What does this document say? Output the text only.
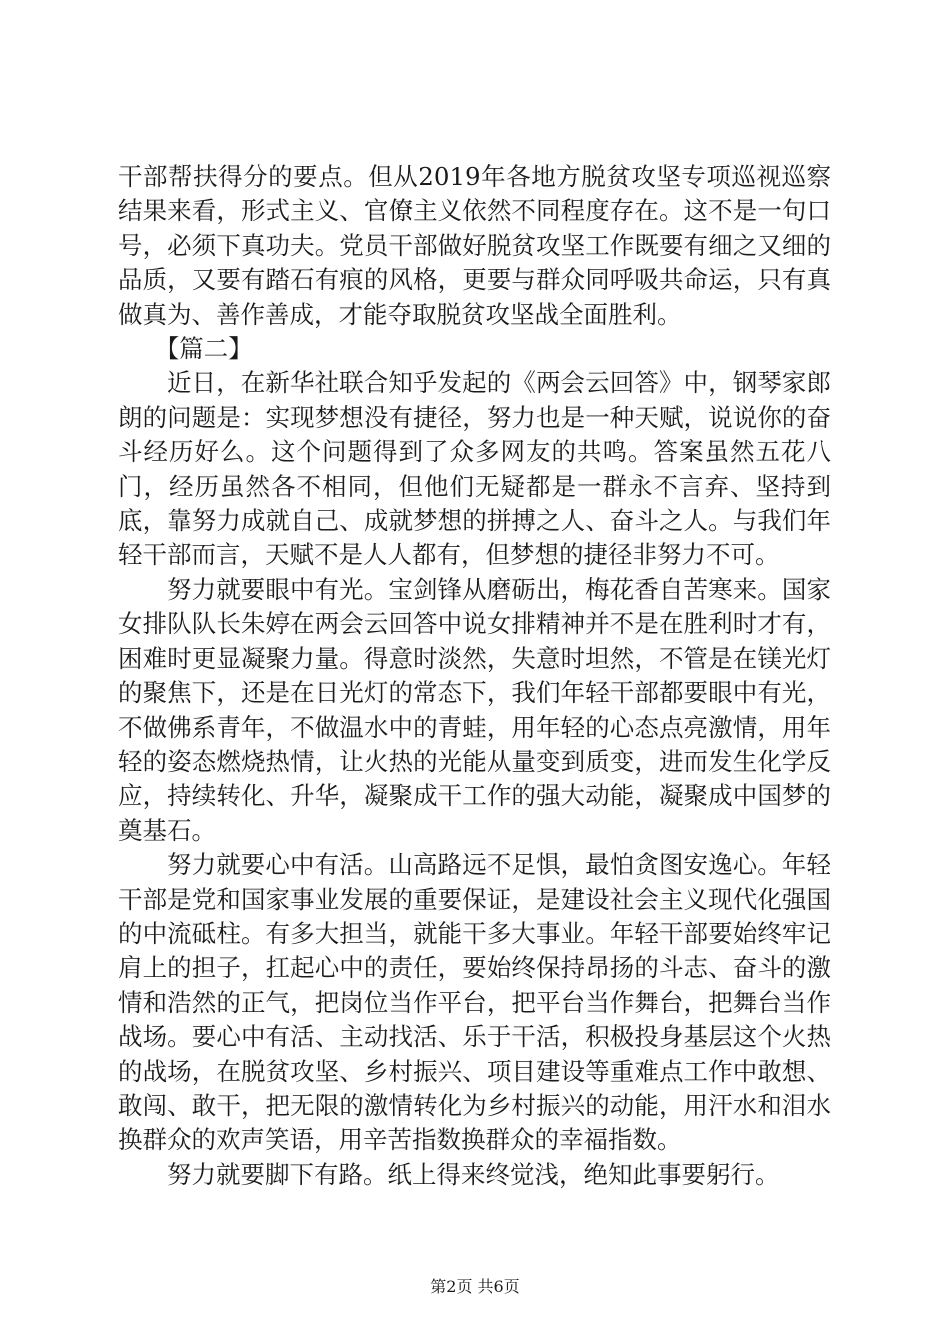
干部帮扶得分的要点。但从2019年各地方脱贫攻坚专项巡视巡察结果来看，形式主义、官僚主义依然不同程度存在。这不是一句口号，必须下真功夫。党员干部做好脱贫攻坚工作既要有细之又细的品质，又要有踏石有痕的风格，更要与群众同呼吸共命运，只有真做真为、善作善成，才能夺取脱贫攻坚战全面胜利。

【篇二】

近日，在新华社联合知乎发起的《两会云回答》中，钢琴家郎朗的问题是：实现梦想没有捷径，努力也是一种天赋，说说你的奋斗经历好么。这个问题得到了众多网友的共鸣。答案虽然五花八门，经历虽然各不相同，但他们无疑都是一群永不言弃、坚持到底，靠努力成就自己、成就梦想的拼搏之人、奋斗之人。与我们年轻干部而言，天赋不是人人都有，但梦想的捷径非努力不可。

努力就要眼中有光。宝剑锋从磨砺出，梅花香自苦寒来。国家女排队队长朱婷在两会云回答中说女排精神并不是在胜利时才有，困难时更显凝聚力量。得意时淡然，失意时坦然，不管是在镁光灯的聚焦下，还是在日光灯的常态下，我们年轻干部都要眼中有光，不做佛系青年，不做温水中的青蛙，用年轻的心态点亮激情，用年轻的姿态燃烧热情，让火热的光能从量变到质变，进而发生化学反应，持续转化、升华，凝聚成干工作的强大动能，凝聚成中国梦的奠基石。

努力就要心中有活。山高路远不足惧，最怕贪图安逸心。年轻干部是党和国家事业发展的重要保证，是建设社会主义现代化强国的中流砥柱。有多大担当，就能干多大事业。年轻干部要始终牢记肩上的担子，扛起心中的责任，要始终保持昂扬的斗志、奋斗的激情和浩然的正气，把岗位当作平台，把平台当作舞台，把舞台当作战场。要心中有活、主动找活、乐于干活，积极投身基层这个火热的战场，在脱贫攻坚、乡村振兴、项目建设等重难点工作中敢想、敢闯、敢干，把无限的激情转化为乡村振兴的动能，用汗水和泪水换群众的欢声笑语，用辛苦指数换群众的幸福指数。

努力就要脚下有路。纸上得来终觉浅，绝知此事要躬行。

第2页 共6页
